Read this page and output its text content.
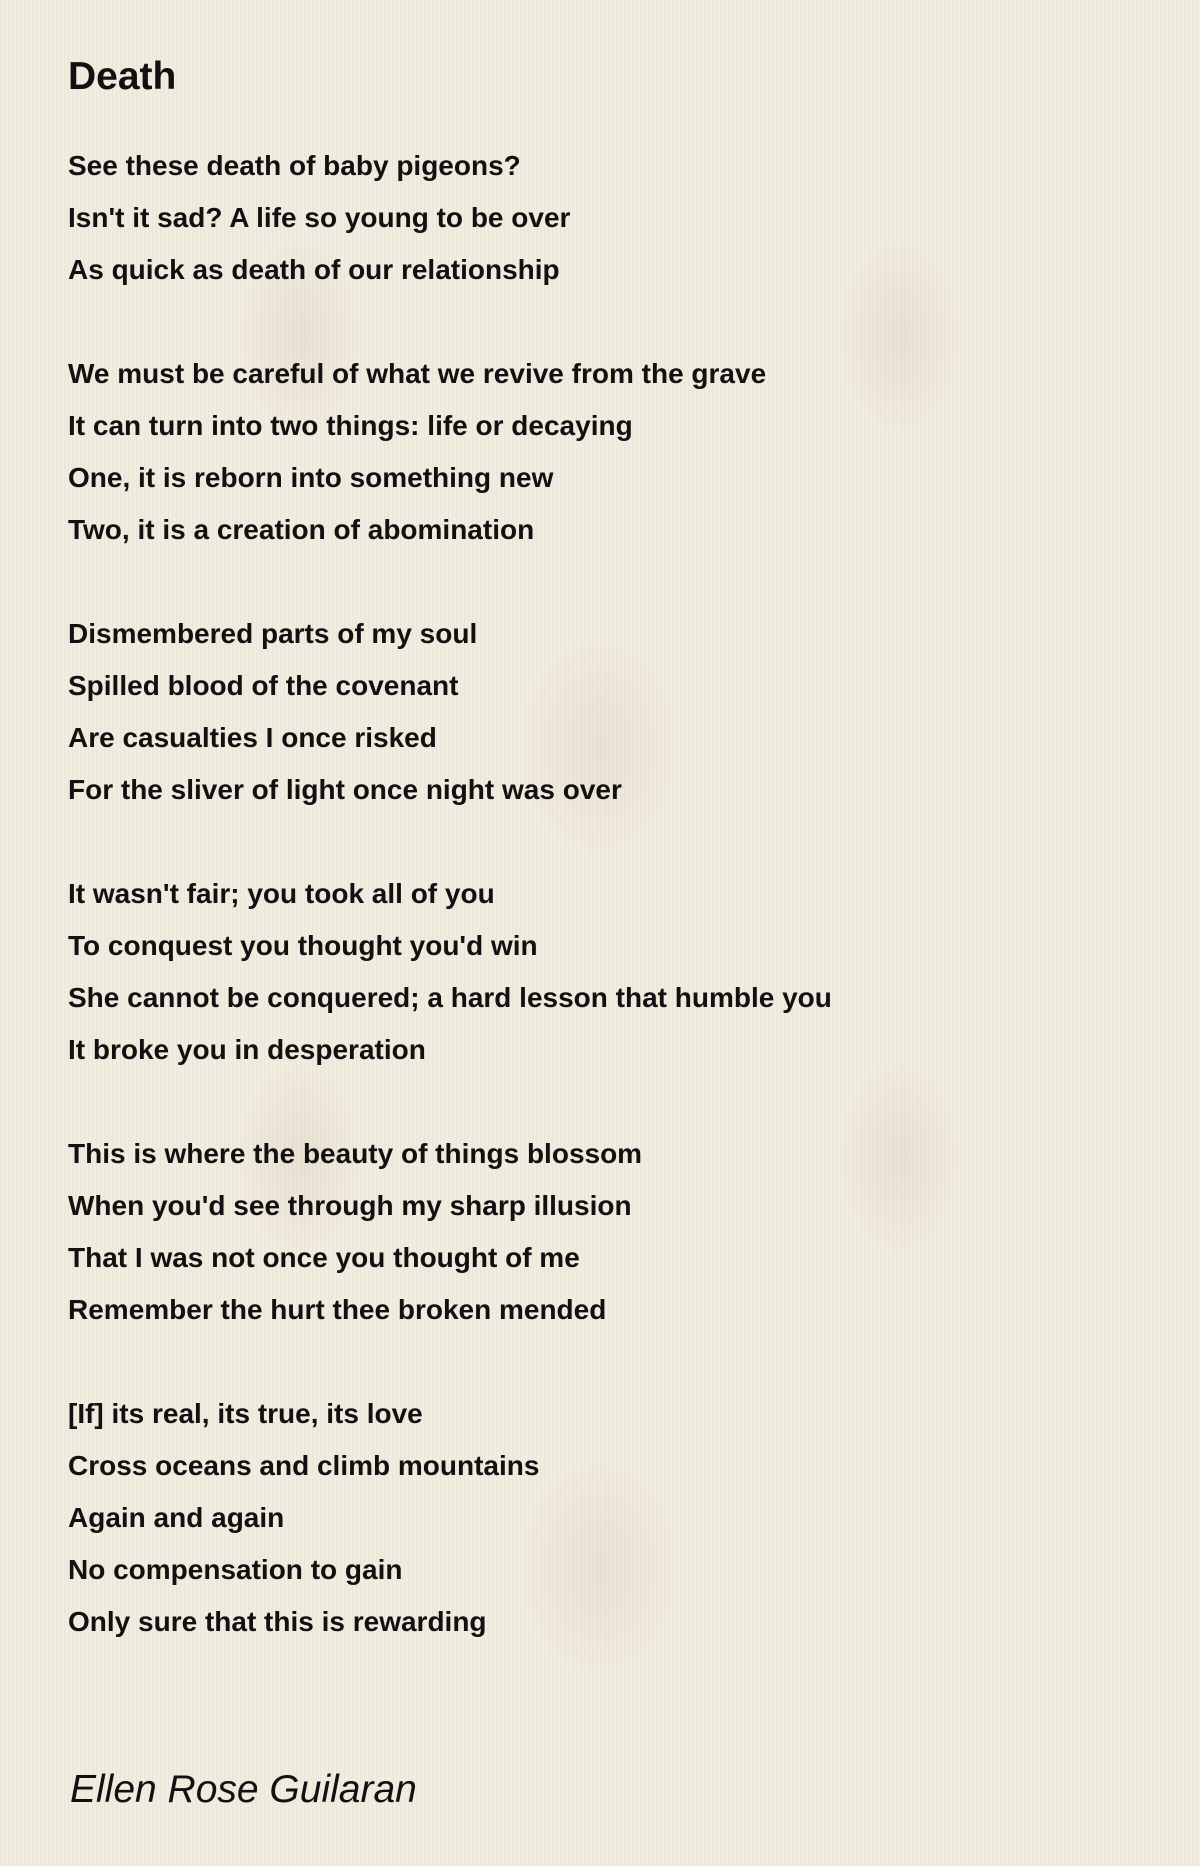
Death
See these death of baby pigeons?
Isn't it sad? A life so young to be over
As quick as death of our relationship
We must be careful of what we revive from the grave
It can turn into two things: life or decaying
One, it is reborn into something new
Two, it is a creation of abomination
Dismembered parts of my soul
Spilled blood of the covenant
Are casualties I once risked
For the sliver of light once night was over
It wasn't fair; you took all of you
To conquest you thought you'd win
She cannot be conquered; a hard lesson that humble you
It broke you in desperation
This is where the beauty of things blossom
When you'd see through my sharp illusion
That I was not once you thought of me
Remember the hurt thee broken mended
[If] its real, its true, its love
Cross oceans and climb mountains
Again and again
No compensation to gain
Only sure that this is rewarding
Ellen Rose Guilaran
